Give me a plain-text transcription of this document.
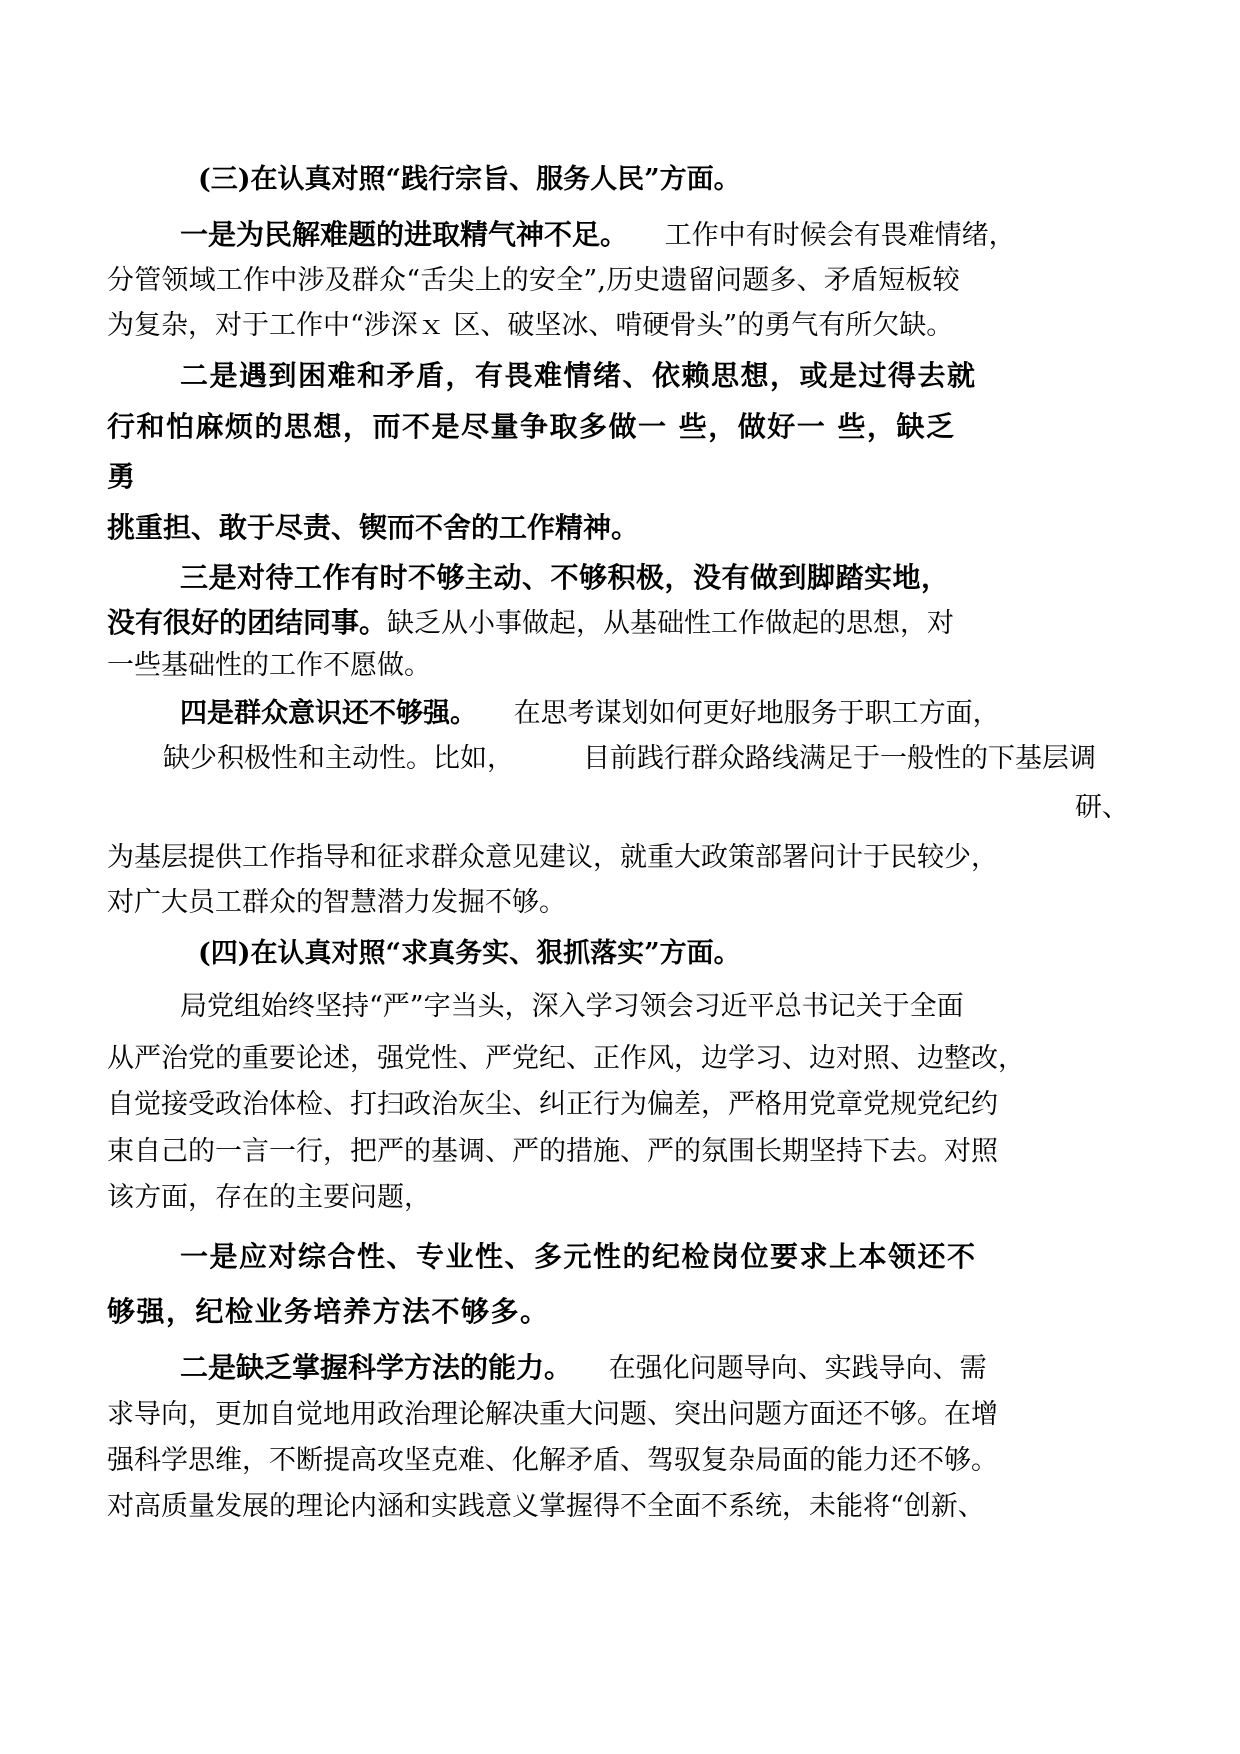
(三)在认真对照“践行宗旨、服务人民”方面。
一是为民解难题的进取精气神不足。 工作中有时候会有畏难情绪，
分管领域工作中涉及群众“舌尖上的安全”,历史遗留问题多、矛盾短板较
为复杂，对于工作中“涉深ｘ 区、破坚冰、啃硬骨头”的勇气有所欠缺。
二是遇到困难和矛盾，有畏难情绪、依赖思想，或是过得去就
行和怕麻烦的思想，而不是尽量争取多做一 些，做好一 些，缺乏
勇
挑重担、敢于尽责、锲而不舍的工作精神。
三是对待工作有时不够主动、不够积极，没有做到脚踏实地，
没有很好的团结同事。缺乏从小事做起，从基础性工作做起的思想，对
一些基础性的工作不愿做。
四是群众意识还不够强。 在思考谋划如何更好地服务于职工方面，
缺少积极性和主动性。比如，	目前践行群众路线满足于一般性的下基层调
研、
为基层提供工作指导和征求群众意见建议，就重大政策部署问计于民较少，
对广大员工群众的智慧潜力发掘不够。
(四)在认真对照“求真务实、狠抓落实”方面。
局党组始终坚持“严”字当头，深入学习领会习近平总书记关于全面
从严治党的重要论述，强党性、严党纪、正作风，边学习、边对照、边整改，
自觉接受政治体检、打扫政治灰尘、纠正行为偏差，严格用党章党规党纪约
束自己的一言一行，把严的基调、严的措施、严的氛围长期坚持下去。对照
该方面，存在的主要问题，
一是应对综合性、专业性、多元性的纪检岗位要求上本领还不
够强，纪检业务培养方法不够多。
二是缺乏掌握科学方法的能力。 在强化问题导向、实践导向、需
求导向，更加自觉地用政治理论解决重大问题、突出问题方面还不够。在增
强科学思维，不断提高攻坚克难、化解矛盾、驾驭复杂局面的能力还不够。
对高质量发展的理论内涵和实践意义掌握得不全面不系统，未能将“创新、
